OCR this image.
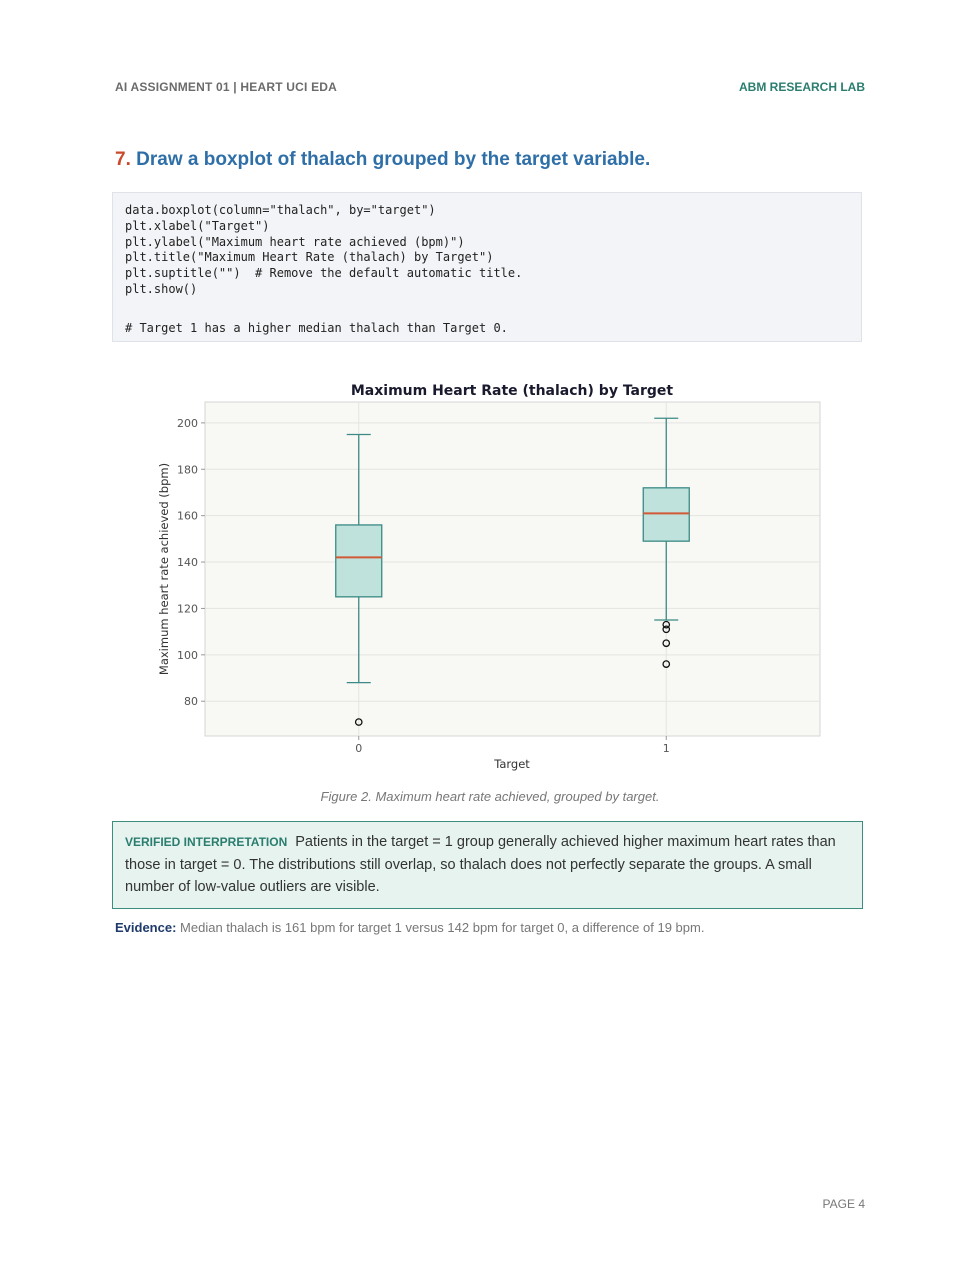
AI ASSIGNMENT 01 | HEART UCI EDA	ABM RESEARCH LAB
7. Draw a boxplot of thalach grouped by the target variable.
data.boxplot(column="thalach", by="target")
plt.xlabel("Target")
plt.ylabel("Maximum heart rate achieved (bpm)")
plt.title("Maximum Heart Rate (thalach) by Target")
plt.suptitle("")  # Remove the default automatic title.
plt.show()
# Target 1 has a higher median thalach than Target 0.
Maximum Heart Rate (thalach) by Target
80
100
120
140
160
180
200
0	1
Target
Maximum heart rate achieved (bpm)
Figure 2. Maximum heart rate achieved, grouped by target.
VERIFIED INTERPRETATION Patients in the target = 1 group generally achieved higher maximum heart rates than those in target = 0. The distributions still overlap, so thalach does not perfectly separate the groups. A small number of low-value outliers are visible.
Evidence: Median thalach is 161 bpm for target 1 versus 142 bpm for target 0, a difference of 19 bpm.
PAGE 4
